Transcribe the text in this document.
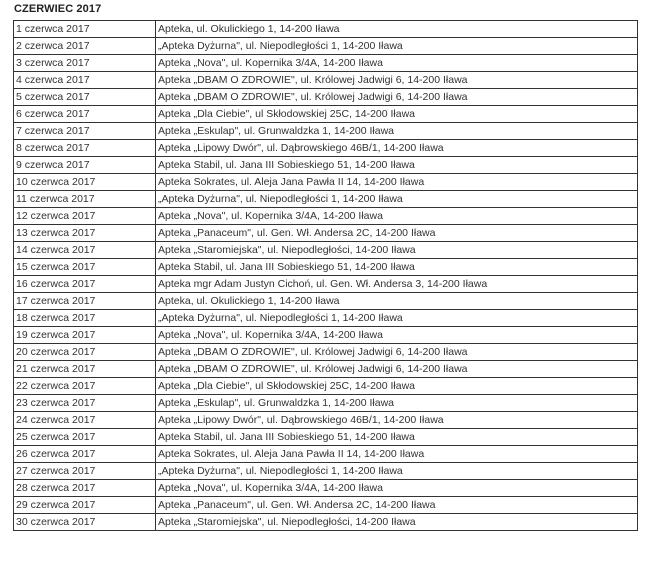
CZERWIEC 2017
1 czerwca 2017	Apteka, ul. Okulickiego 1, 14-200 Iława
2 czerwca 2017	„Apteka Dyżurna", ul. Niepodległości 1, 14-200 Iława
3 czerwca 2017	Apteka „Nova", ul. Kopernika 3/4A, 14-200 Iława
4 czerwca 2017	Apteka „DBAM O ZDROWIE", ul. Królowej Jadwigi 6, 14-200 Iława
5 czerwca 2017	Apteka „DBAM O ZDROWIE", ul. Królowej Jadwigi 6, 14-200 Iława
6 czerwca 2017	Apteka „Dla Ciebie", ul Skłodowskiej 25C, 14-200 Iława
7 czerwca 2017	Apteka „Eskulap", ul. Grunwaldzka 1, 14-200 Iława
8 czerwca 2017	Apteka „Lipowy Dwór", ul. Dąbrowskiego 46B/1, 14-200 Iława
9 czerwca 2017	Apteka Stabil, ul. Jana III Sobieskiego 51, 14-200 Iława
10 czerwca 2017	Apteka Sokrates, ul. Aleja Jana Pawła II 14, 14-200 Iława
11 czerwca 2017	„Apteka Dyżurna", ul. Niepodległości 1, 14-200 Iława
12 czerwca 2017	Apteka „Nova", ul. Kopernika 3/4A, 14-200 Iława
13 czerwca 2017	Apteka „Panaceum", ul. Gen. Wł. Andersa 2C, 14-200 Iława
14 czerwca 2017	Apteka „Staromiejska", ul. Niepodległości, 14-200 Iława
15 czerwca 2017	Apteka Stabil, ul. Jana III Sobieskiego 51, 14-200 Iława
16 czerwca 2017	Apteka mgr Adam Justyn Cichoń, ul. Gen. Wł. Andersa 3, 14-200 Iława
17 czerwca 2017	Apteka, ul. Okulickiego 1, 14-200 Iława
18 czerwca 2017	„Apteka Dyżurna", ul. Niepodległości 1, 14-200 Iława
19 czerwca 2017	Apteka „Nova", ul. Kopernika 3/4A, 14-200 Iława
20 czerwca 2017	Apteka „DBAM O ZDROWIE", ul. Królowej Jadwigi 6, 14-200 Iława
21 czerwca 2017	Apteka „DBAM O ZDROWIE", ul. Królowej Jadwigi 6, 14-200 Iława
22 czerwca 2017	Apteka „Dla Ciebie", ul Skłodowskiej 25C, 14-200 Iława
23 czerwca 2017	Apteka „Eskulap", ul. Grunwaldzka 1, 14-200 Iława
24 czerwca 2017	Apteka „Lipowy Dwór", ul. Dąbrowskiego 46B/1, 14-200 Iława
25 czerwca 2017	Apteka Stabil, ul. Jana III Sobieskiego 51, 14-200 Iława
26 czerwca 2017	Apteka Sokrates, ul. Aleja Jana Pawła II 14, 14-200 Iława
27 czerwca 2017	„Apteka Dyżurna", ul. Niepodległości 1, 14-200 Iława
28 czerwca 2017	Apteka „Nova", ul. Kopernika 3/4A, 14-200 Iława
29 czerwca 2017	Apteka „Panaceum", ul. Gen. Wł. Andersa 2C, 14-200 Iława
30 czerwca 2017	Apteka „Staromiejska", ul. Niepodległości, 14-200 Iława
